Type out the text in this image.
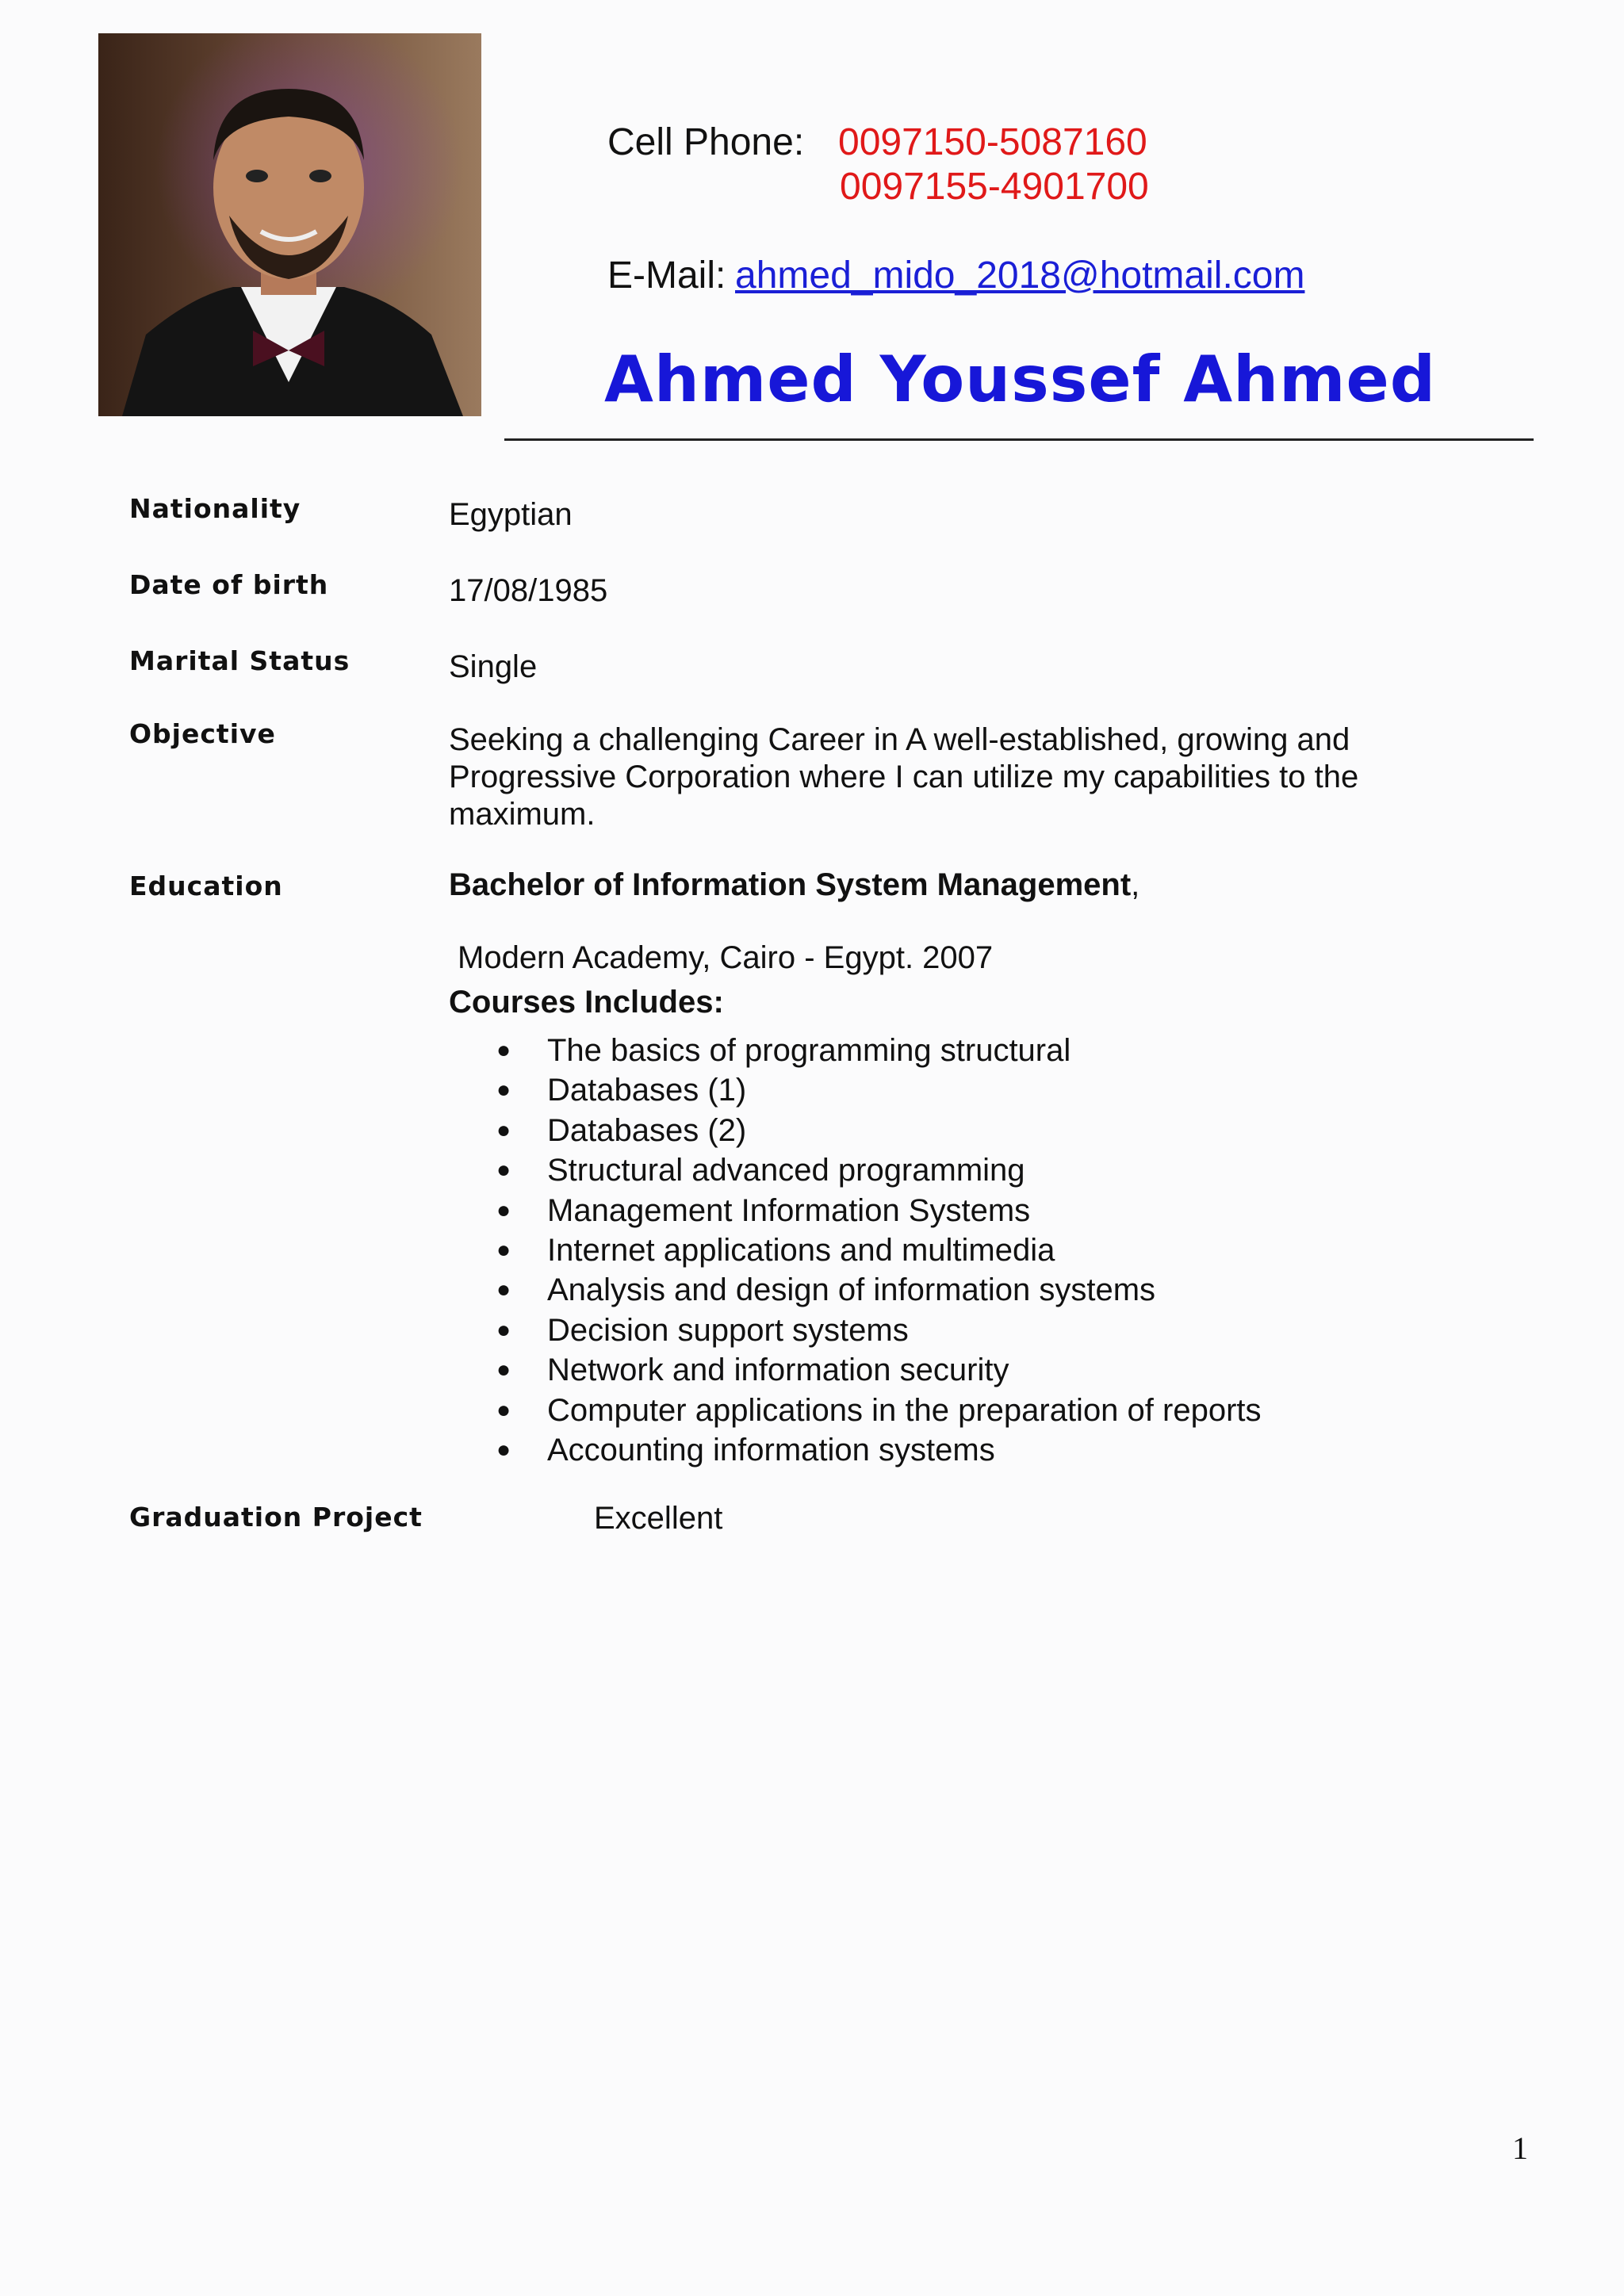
Cell Phone: 0097150-5087160
0097155-4901700
E-Mail: ahmed_mido_2018@hotmail.com
Ahmed Youssef Ahmed
Nationality	Egyptian
Date of birth	17/08/1985
Marital Status	Single
Objective	Seeking a challenging Career in A well-established, growing and Progressive Corporation where I can utilize my capabilities to the maximum.
Education	Bachelor of Information System Management,
Modern Academy, Cairo - Egypt. 2007
Courses Includes:
● The basics of programming structural
● Databases (1)
● Databases (2)
● Structural advanced programming
● Management Information Systems
● Internet applications and multimedia
● Analysis and design of information systems
● Decision support systems
● Network and information security
● Computer applications in the preparation of reports
● Accounting information systems
Graduation Project	Excellent
1
